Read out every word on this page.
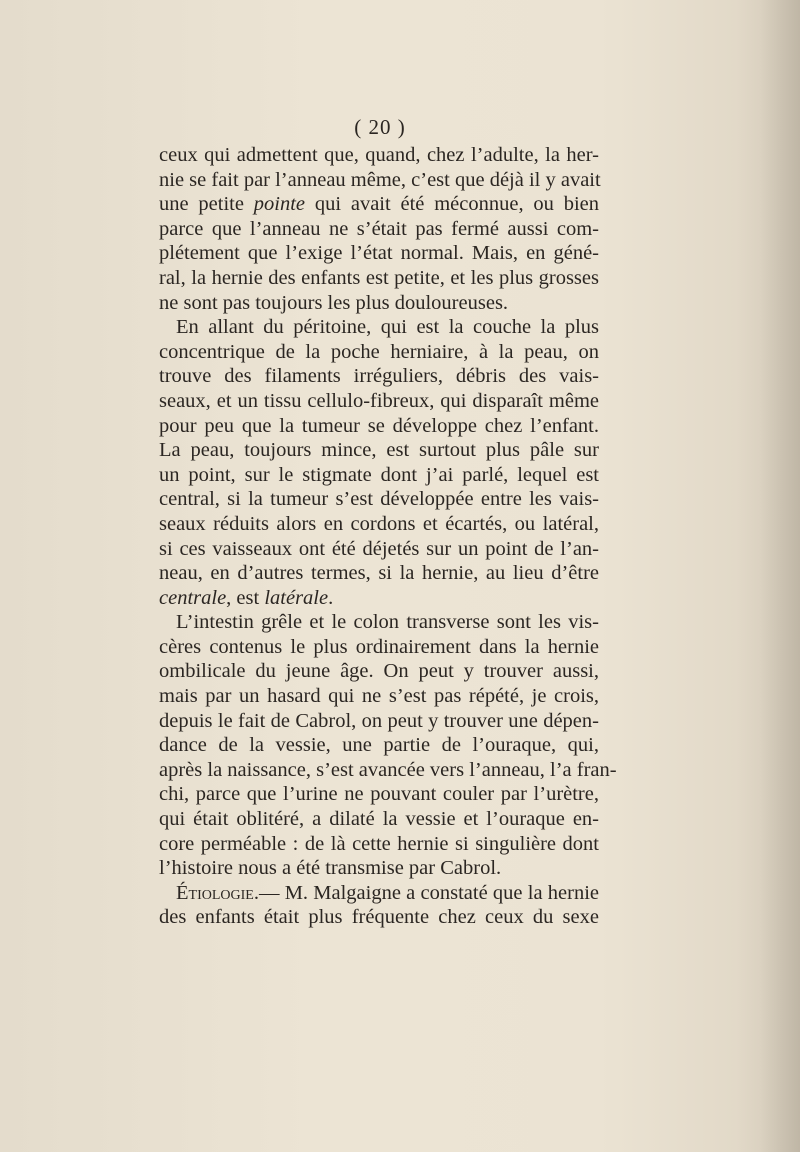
( 20 )
ceux qui admettent que, quand, chez l’adulte, la her-
nie se fait par l’anneau même, c’est que déjà il y avait
une petite pointe qui avait été méconnue, ou bien
parce que l’anneau ne s’était pas fermé aussi com-
plétement que l’exige l’état normal. Mais, en géné-
ral, la hernie des enfants est petite, et les plus grosses
ne sont pas toujours les plus douloureuses.
En allant du péritoine, qui est la couche la plus
concentrique de la poche herniaire, à la peau, on
trouve des filaments irréguliers, débris des vais-
seaux, et un tissu cellulo-fibreux, qui disparaît même
pour peu que la tumeur se développe chez l’enfant.
La peau, toujours mince, est surtout plus pâle sur
un point, sur le stigmate dont j’ai parlé, lequel est
central, si la tumeur s’est développée entre les vais-
seaux réduits alors en cordons et écartés, ou latéral,
si ces vaisseaux ont été déjetés sur un point de l’an-
neau, en d’autres termes, si la hernie, au lieu d’être
centrale, est latérale.
L’intestin grêle et le colon transverse sont les vis-
cères contenus le plus ordinairement dans la hernie
ombilicale du jeune âge. On peut y trouver aussi,
mais par un hasard qui ne s’est pas répété, je crois,
depuis le fait de Cabrol, on peut y trouver une dépen-
dance de la vessie, une partie de l’ouraque, qui,
après la naissance, s’est avancée vers l’anneau, l’a fran-
chi, parce que l’urine ne pouvant couler par l’urètre,
qui était oblitéré, a dilaté la vessie et l’ouraque en-
core perméable : de là cette hernie si singulière dont
l’histoire nous a été transmise par Cabrol.
Étiologie.— M. Malgaigne a constaté que la hernie
des enfants était plus fréquente chez ceux du sexe
